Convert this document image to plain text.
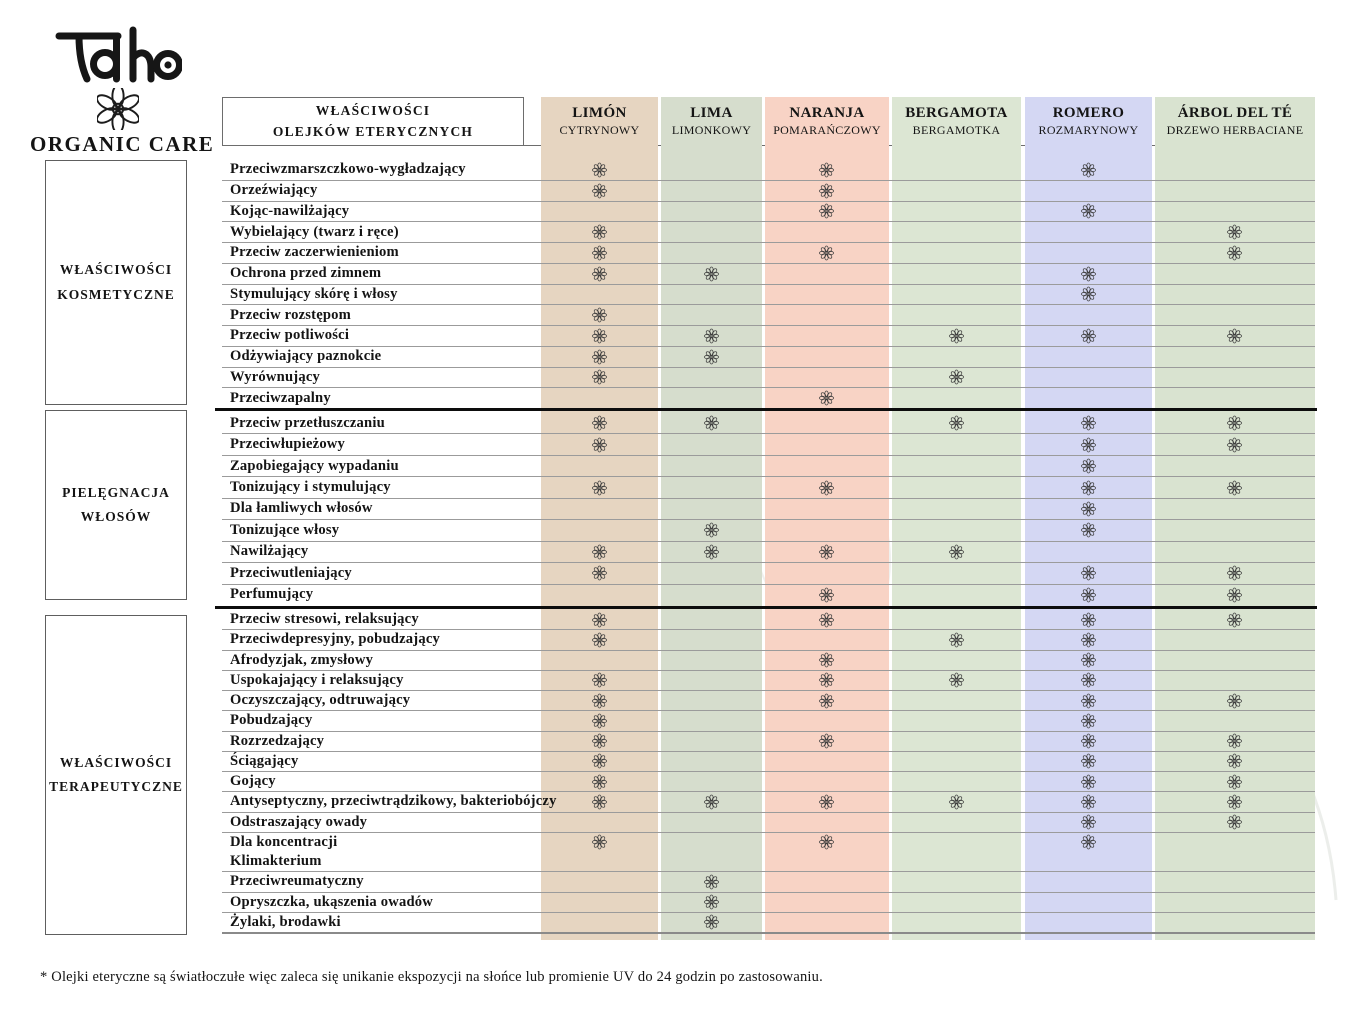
ORGANIC CARE
WŁAŚCIWOŚCI
OLEJKÓW ETERYCZNYCH
LIMÓN
CYTRYNOWY
LIMA
LIMONKOWY
NARANJA
POMARAŃCZOWY
BERGAMOTA
BERGAMOTKA
ROMERO
ROZMARYNOWY
ÁRBOL DEL TÉ
DRZEWO HERBACIANE
WŁAŚCIWOŚCI KOSMETYCZNE
PIELĘGNACJA WŁOSÓW
WŁAŚCIWOŚCI TERAPEUTYCZNE
Przeciwzmarszczkowo-wygładzający
Orzeźwiający
Kojąc-nawilżający
Wybielający (twarz i ręce)
Przeciw zaczerwienieniom
Ochrona przed zimnem
Stymulujący skórę i włosy
Przeciw rozstępom
Przeciw potliwości
Odżywiający paznokcie
Wyrównujący
Przeciwzapalny
Przeciw przetłuszczaniu
Przeciwłupieżowy
Zapobiegający wypadaniu
Tonizujący i stymulujący
Dla łamliwych włosów
Tonizujące włosy
Nawilżający
Przeciwutleniający
Perfumujący
Przeciw stresowi, relaksujący
Przeciwdepresyjny, pobudzający
Afrodyzjak, zmysłowy
Uspokajający i relaksujący
Oczyszczający, odtruwający
Pobudzający
Rozrzedzający
Ściągający
Gojący
Antyseptyczny, przeciwtrądzikowy, bakteriobójczy
Odstraszający owady
Dla koncentracji
Klimakterium
Przeciwreumatyczny
Opryszczka, ukąszenia owadów
Żylaki, brodawki
* Olejki eteryczne są światłoczułe więc zaleca się unikanie ekspozycji na słońce lub promienie UV do 24 godzin po zastosowaniu.
